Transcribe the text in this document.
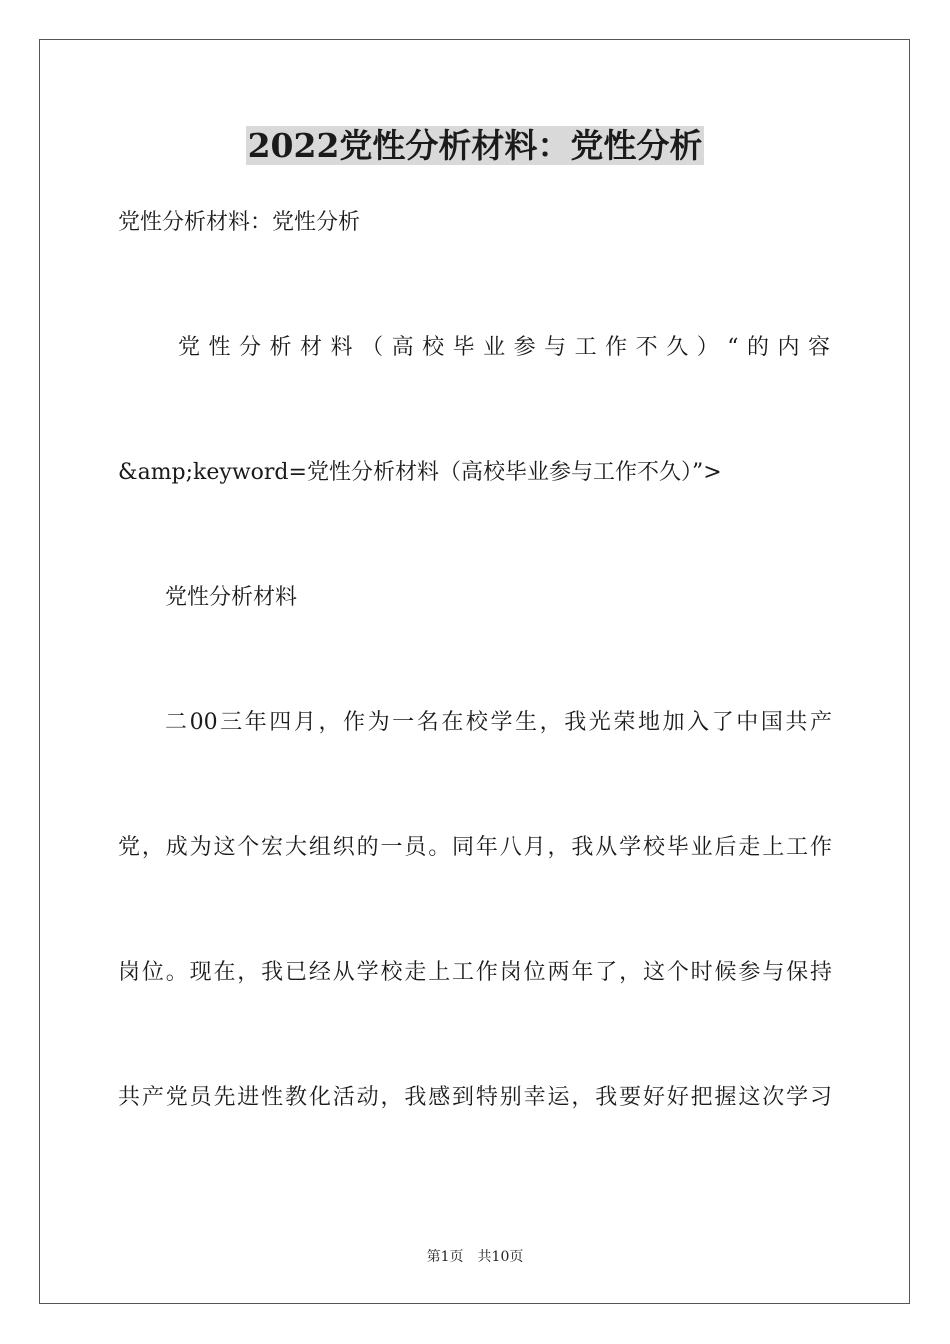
2022党性分析材料：党性分析
党性分析材料：党性分析
党性分析材料（高校毕业参与工作不久）“的内容
&amp;keyword=党性分析材料（高校毕业参与工作不久）”>
党性分析材料
二00三年四月，作为一名在校学生，我光荣地加入了中国共产
党，成为这个宏大组织的一员。同年八月，我从学校毕业后走上工作
岗位。现在，我已经从学校走上工作岗位两年了，这个时候参与保持
共产党员先进性教化活动，我感到特别幸运，我要好好把握这次学习
第1页 共10页
